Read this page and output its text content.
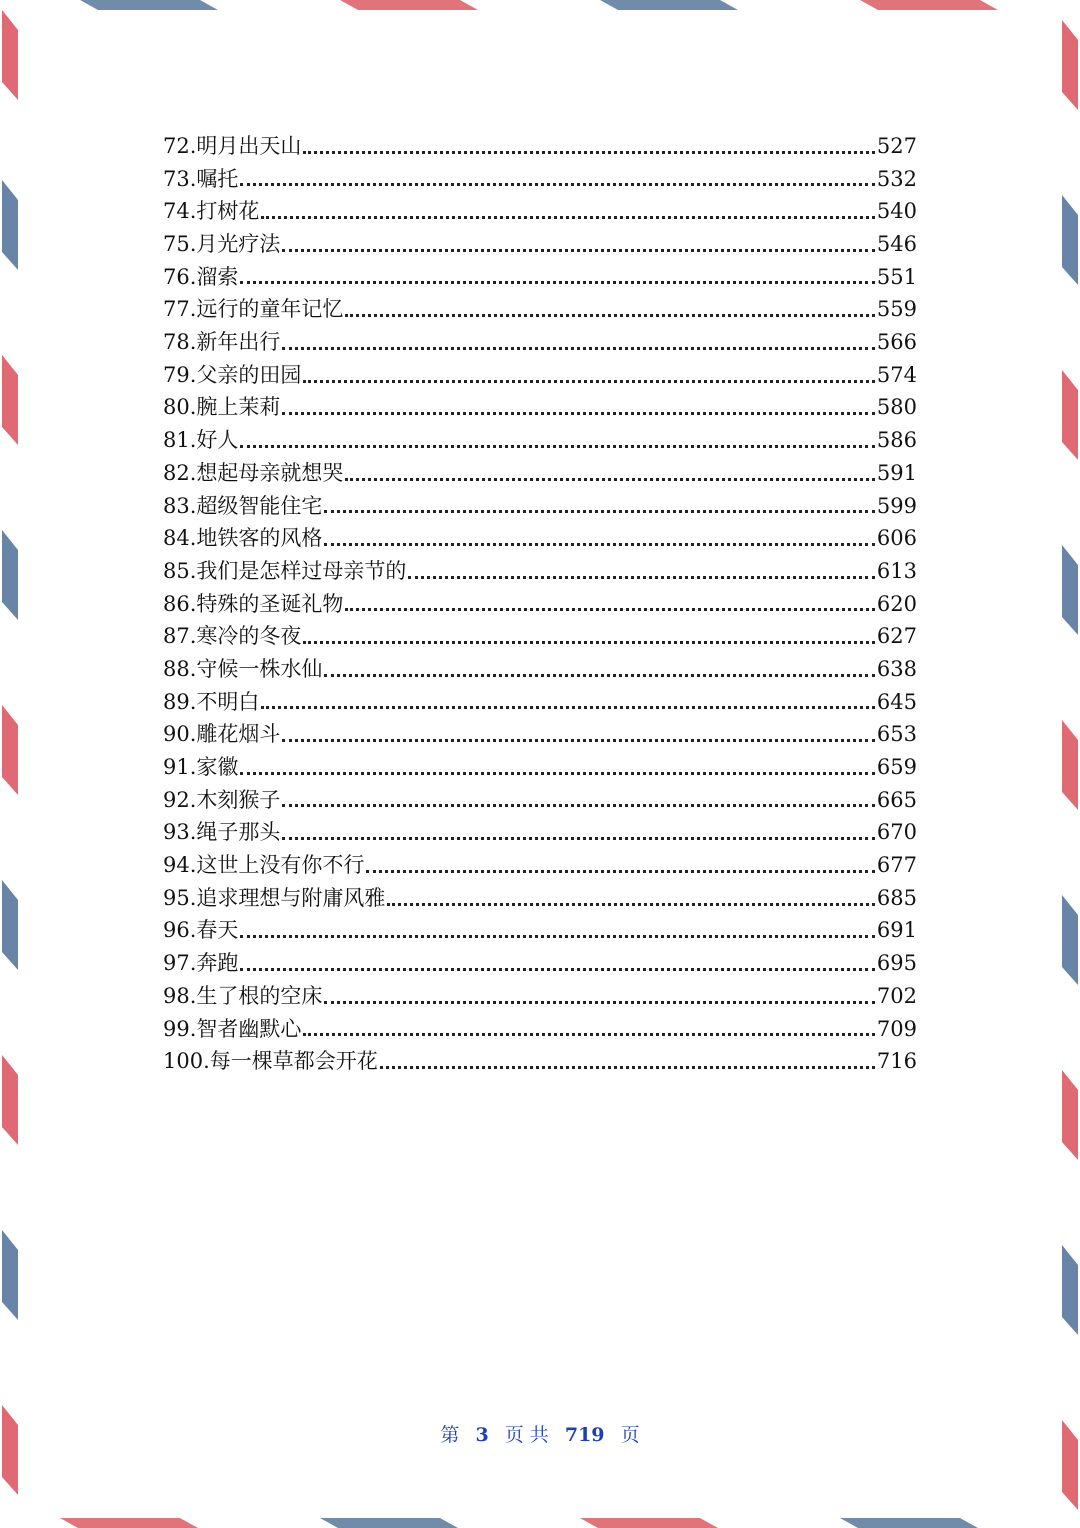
72.明月出天山	527
73.嘱托	532
74.打树花	540
75.月光疗法	546
76.溜索	551
77.远行的童年记忆	559
78.新年出行	566
79.父亲的田园	574
80.腕上茉莉	580
81.好人	586
82.想起母亲就想哭	591
83.超级智能住宅	599
84.地铁客的风格	606
85.我们是怎样过母亲节的	613
86.特殊的圣诞礼物	620
87.寒冷的冬夜	627
88.守候一株水仙	638
89.不明白	645
90.雕花烟斗	653
91.家徽	659
92.木刻猴子	665
93.绳子那头	670
94.这世上没有你不行	677
95.追求理想与附庸风雅	685
96.春天	691
97.奔跑	695
98.生了根的空床	702
99.智者幽默心	709
100.每一棵草都会开花	716
第 3 页 共 719 页
